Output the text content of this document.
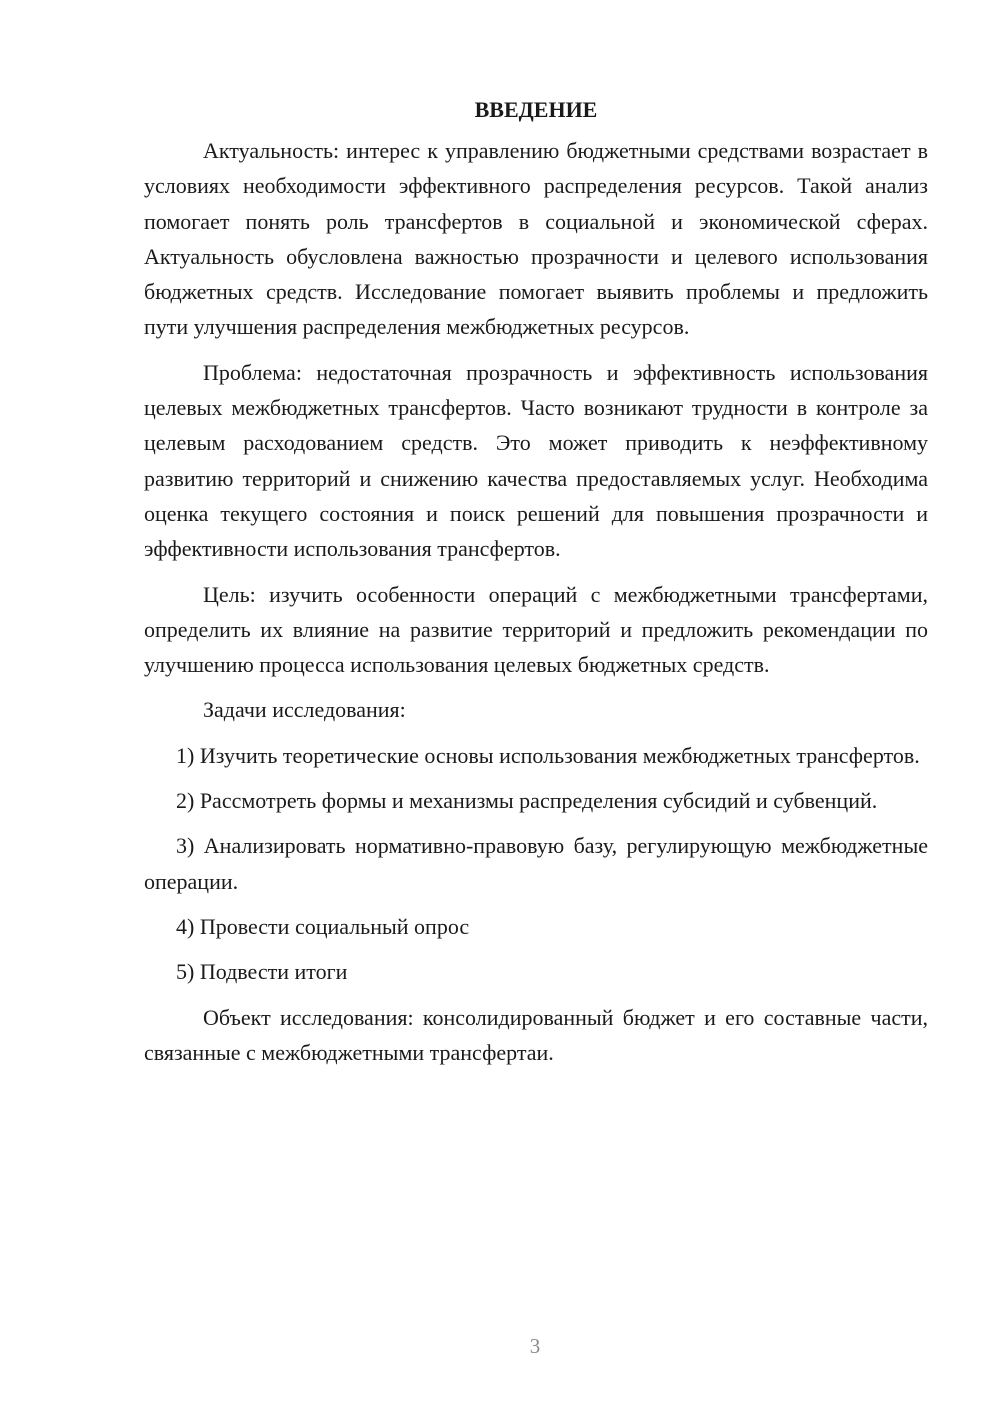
ВВЕДЕНИЕ

Актуальность: интерес к управлению бюджетными средствами возрастает в условиях необходимости эффективного распределения ресурсов. Такой анализ помогает понять роль трансфертов в социальной и экономической сферах. Актуальность обусловлена важностью прозрачности и целевого использования бюджетных средств. Исследование помогает выявить проблемы и предложить пути улучшения распределения межбюджетных ресурсов.

Проблема: недостаточная прозрачность и эффективность использования целевых межбюджетных трансфертов. Часто возникают трудности в контроле за целевым расходованием средств. Это может приводить к неэффективному развитию территорий и снижению качества предоставляемых услуг. Необходима оценка текущего состояния и поиск решений для повышения прозрачности и эффективности использования трансфертов.

Цель: изучить особенности операций с межбюджетными трансфертами, определить их влияние на развитие территорий и предложить рекомендации по улучшению процесса использования целевых бюджетных средств.

Задачи исследования:

1) Изучить теоретические основы использования межбюджетных трансфертов.

2) Рассмотреть формы и механизмы распределения субсидий и субвенций.

3) Анализировать нормативно-правовую базу, регулирующую межбюджетные операции.

4) Провести социальный опрос

5) Подвести итоги

Объект исследования: консолидированный бюджет и его составные части, связанные с межбюджетными трансфертаи.

3
